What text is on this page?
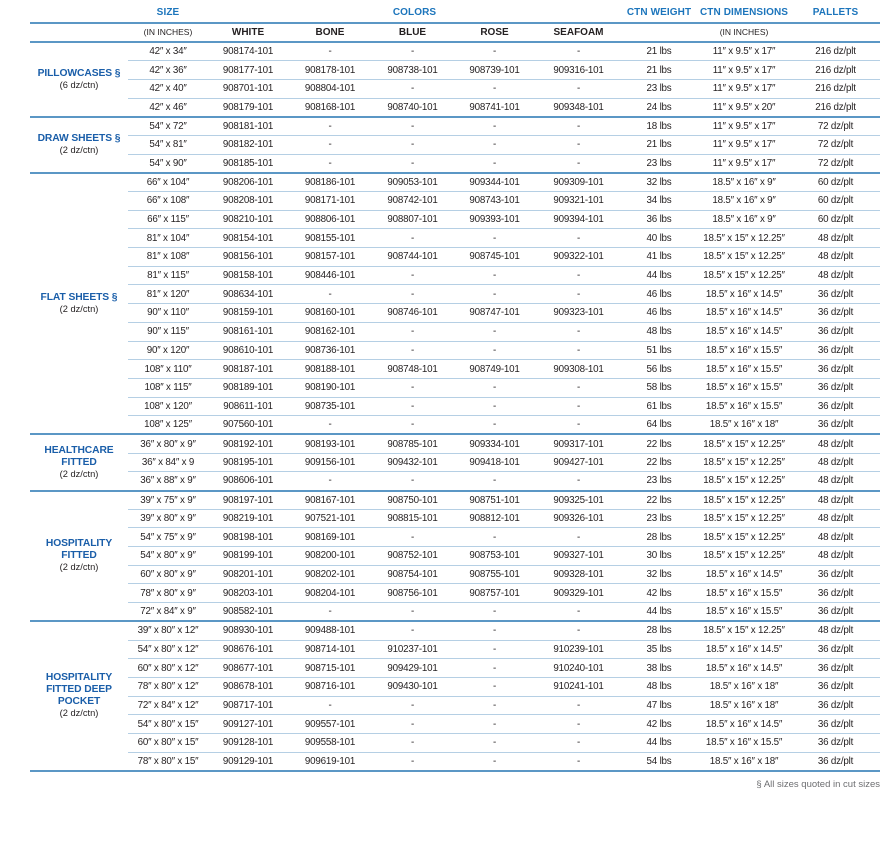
	SIZE	COLORS					CTN WEIGHT	CTN DIMENSIONS	PALLETS
	(IN INCHES)	WHITE	BONE	BLUE	ROSE	SEAFOAM		(IN INCHES)	

PILLOWCASES §
(6 dz/ctn)	42″ x 34″	908174-101	-	-	-	-	21 lbs	11″ x 9.5″ x 17″	216 dz/plt
	42″ x 36″	908177-101	908178-101	908738-101	908739-101	909316-101	21 lbs	11″ x 9.5″ x 17″	216 dz/plt
	42″ x 40″	908701-101	908804-101	-	-	-	23 lbs	11″ x 9.5″ x 17″	216 dz/plt
	42″ x 46″	908179-101	908168-101	908740-101	908741-101	909348-101	24 lbs	11″ x 9.5″ x 20″	216 dz/plt

DRAW SHEETS §
(2 dz/ctn)	54″ x 72″	908181-101	-	-	-	-	18 lbs	11″ x 9.5″ x 17″	72 dz/plt
	54″ x 81″	908182-101	-	-	-	-	21 lbs	11″ x 9.5″ x 17″	72 dz/plt
	54″ x 90″	908185-101	-	-	-	-	23 lbs	11″ x 9.5″ x 17″	72 dz/plt

FLAT SHEETS §
(2 dz/ctn)	66″ x 104″	908206-101	908186-101	909053-101	909344-101	909309-101	32 lbs	18.5″ x 16″ x 9″	60 dz/plt
	66″ x 108″	908208-101	908171-101	908742-101	908743-101	909321-101	34 lbs	18.5″ x 16″ x 9″	60 dz/plt
	66″ x 115″	908210-101	908806-101	908807-101	909393-101	909394-101	36 lbs	18.5″ x 16″ x 9″	60 dz/plt
	81″ x 104″	908154-101	908155-101	-	-	-	40 lbs	18.5″ x 15″ x 12.25″	48 dz/plt
	81″ x 108″	908156-101	908157-101	908744-101	908745-101	909322-101	41 lbs	18.5″ x 15″ x 12.25″	48 dz/plt
	81″ x 115″	908158-101	908446-101	-	-	-	44 lbs	18.5″ x 15″ x 12.25″	48 dz/plt
	81″ x 120″	908634-101	-	-	-	-	46 lbs	18.5″ x 16″ x 14.5″	36 dz/plt
	90″ x 110″	908159-101	908160-101	908746-101	908747-101	909323-101	46 lbs	18.5″ x 16″ x 14.5″	36 dz/plt
	90″ x 115″	908161-101	908162-101	-	-	-	48 lbs	18.5″ x 16″ x 14.5″	36 dz/plt
	90″ x 120″	908610-101	908736-101	-	-	-	51 lbs	18.5″ x 16″ x 15.5″	36 dz/plt
	108″ x 110″	908187-101	908188-101	908748-101	908749-101	909308-101	56 lbs	18.5″ x 16″ x 15.5″	36 dz/plt
	108″ x 115″	908189-101	908190-101	-	-	-	58 lbs	18.5″ x 16″ x 15.5″	36 dz/plt
	108″ x 120″	908611-101	908735-101	-	-	-	61 lbs	18.5″ x 16″ x 15.5″	36 dz/plt
	108″ x 125″	907560-101	-	-	-	-	64 lbs	18.5″ x 16″ x 18″	36 dz/plt

HEALTHCARE FITTED
(2 dz/ctn)	36″ x 80″ x 9″	908192-101	908193-101	908785-101	909334-101	909317-101	22 lbs	18.5″ x 15″ x 12.25″	48 dz/plt
	36″ x 84″ x 9	908195-101	909156-101	909432-101	909418-101	909427-101	22 lbs	18.5″ x 15″ x 12.25″	48 dz/plt
	36″ x 88″ x 9″	908606-101	-	-	-	-	23 lbs	18.5″ x 15″ x 12.25″	48 dz/plt

HOSPITALITY FITTED
(2 dz/ctn)	39″ x 75″ x 9″	908197-101	908167-101	908750-101	908751-101	909325-101	22 lbs	18.5″ x 15″ x 12.25″	48 dz/plt
	39″ x 80″ x 9″	908219-101	907521-101	908815-101	908812-101	909326-101	23 lbs	18.5″ x 15″ x 12.25″	48 dz/plt
	54″ x 75″ x 9″	908198-101	908169-101	-	-	-	28 lbs	18.5″ x 15″ x 12.25″	48 dz/plt
	54″ x 80″ x 9″	908199-101	908200-101	908752-101	908753-101	909327-101	30 lbs	18.5″ x 15″ x 12.25″	48 dz/plt
	60″ x 80″ x 9″	908201-101	908202-101	908754-101	908755-101	909328-101	32 lbs	18.5″ x 16″ x 14.5″	36 dz/plt
	78″ x 80″ x 9″	908203-101	908204-101	908756-101	908757-101	909329-101	42 lbs	18.5″ x 16″ x 15.5″	36 dz/plt
	72″ x 84″ x 9″	908582-101	-	-	-	-	44 lbs	18.5″ x 16″ x 15.5″	36 dz/plt

HOSPITALITY FITTED DEEP POCKET
(2 dz/ctn)	39″ x 80″ x 12″	908930-101	909488-101	-	-	-	28 lbs	18.5″ x 15″ x 12.25″	48 dz/plt
	54″ x 80″ x 12″	908676-101	908714-101	910237-101	-	910239-101	35 lbs	18.5″ x 16″ x 14.5″	36 dz/plt
	60″ x 80″ x 12″	908677-101	908715-101	909429-101	-	910240-101	38 lbs	18.5″ x 16″ x 14.5″	36 dz/plt
	78″ x 80″ x 12″	908678-101	908716-101	909430-101	-	910241-101	48 lbs	18.5″ x 16″ x 18″	36 dz/plt
	72″ x 84″ x 12″	908717-101	-	-	-	-	47 lbs	18.5″ x 16″ x 18″	36 dz/plt
	54″ x 80″ x 15″	909127-101	909557-101	-	-	-	42 lbs	18.5″ x 16″ x 14.5″	36 dz/plt
	60″ x 80″ x 15″	909128-101	909558-101	-	-	-	44 lbs	18.5″ x 16″ x 15.5″	36 dz/plt
	78″ x 80″ x 15″	909129-101	909619-101	-	-	-	54 lbs	18.5″ x 16″ x 18″	36 dz/plt
§ All sizes quoted in cut sizes
